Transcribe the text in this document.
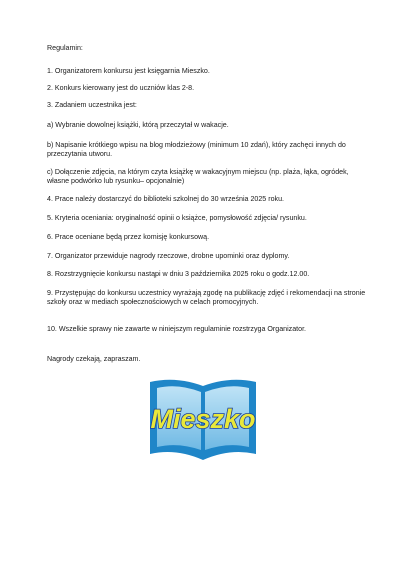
Regulamin:

1. Organizatorem konkursu jest księgarnia Mieszko.

2. Konkurs kierowany jest do uczniów klas 2-8.

3. Zadaniem uczestnika jest:

a) Wybranie dowolnej książki, którą przeczytał w wakacje.

b) Napisanie krótkiego wpisu na blog młodzieżowy (minimum 10 zdań), który zachęci innych do przeczytania utworu.

c) Dołączenie zdjęcia, na którym czyta książkę w wakacyjnym miejscu (np. plaża, łąka, ogródek, własne podwórko lub rysunku– opcjonalnie)

4. Prace należy dostarczyć do biblioteki szkolnej do 30 września 2025 roku.

5. Kryteria oceniania: oryginalność opinii o książce, pomysłowość zdjęcia/ rysunku.

6. Prace oceniane będą przez komisję konkursową.

7. Organizator przewiduje nagrody rzeczowe, drobne upominki oraz dyplomy.

8. Rozstrzygnięcie konkursu nastąpi w dniu 3 października 2025 roku o godz.12.00.

9. Przystępując do konkursu uczestnicy wyrażają zgodę na publikację zdjęć i rekomendacji na stronie szkoły oraz w mediach społecznościowych w celach promocyjnych.

10. Wszelkie sprawy nie zawarte w niniejszym regulaminie rozstrzyga Organizator.

Nagrody czekają, zapraszam.

Mieszko
